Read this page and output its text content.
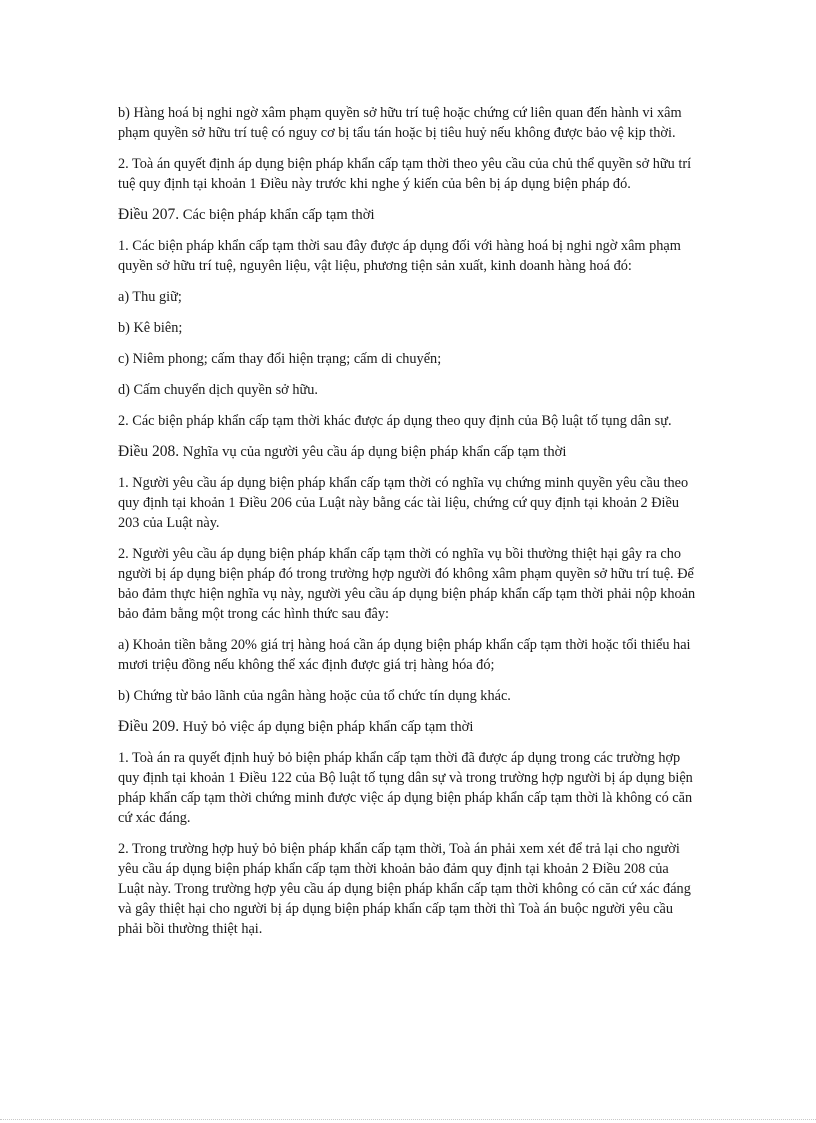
b) Hàng hoá bị nghi ngờ xâm phạm quyền sở hữu trí tuệ hoặc chứng cứ liên quan đến hành vi xâm phạm quyền sở hữu trí tuệ có nguy cơ bị tẩu tán hoặc bị tiêu huỷ nếu không được bảo vệ kịp thời.

2. Toà án quyết định áp dụng biện pháp khẩn cấp tạm thời theo yêu cầu của chủ thể quyền sở hữu trí tuệ quy định tại khoản 1 Điều này trước khi nghe ý kiến của bên bị áp dụng biện pháp đó.

Điều 207. Các biện pháp khẩn cấp tạm thời

1. Các biện pháp khẩn cấp tạm thời sau đây được áp dụng đối với hàng hoá bị nghi ngờ xâm phạm quyền sở hữu trí tuệ, nguyên liệu, vật liệu, phương tiện sản xuất, kinh doanh hàng hoá đó:

a) Thu giữ;

b) Kê biên;

c) Niêm phong; cấm thay đổi hiện trạng; cấm di chuyển;

d) Cấm chuyển dịch quyền sở hữu.

2. Các biện pháp khẩn cấp tạm thời khác được áp dụng theo quy định của Bộ luật tố tụng dân sự.

Điều 208. Nghĩa vụ của người yêu cầu áp dụng biện pháp khẩn cấp tạm thời

1. Người yêu cầu áp dụng biện pháp khẩn cấp tạm thời có nghĩa vụ chứng minh quyền yêu cầu theo quy định tại khoản 1 Điều 206 của Luật này bằng các tài liệu, chứng cứ quy định tại khoản 2 Điều 203 của Luật này.

2. Người yêu cầu áp dụng biện pháp khẩn cấp tạm thời có nghĩa vụ bồi thường thiệt hại gây ra cho người bị áp dụng biện pháp đó trong trường hợp người đó không xâm phạm quyền sở hữu trí tuệ. Để bảo đảm thực hiện nghĩa vụ này, người yêu cầu áp dụng biện pháp khẩn cấp tạm thời phải nộp khoản bảo đảm bằng một trong các hình thức sau đây:

a) Khoản tiền bằng 20% giá trị hàng hoá cần áp dụng biện pháp khẩn cấp tạm thời hoặc tối thiểu hai mươi triệu đồng nếu không thể xác định được giá trị hàng hóa đó;

b) Chứng từ bảo lãnh của ngân hàng hoặc của tổ chức tín dụng khác.

Điều 209. Huỷ bỏ việc áp dụng biện pháp khẩn cấp tạm thời

1. Toà án ra quyết định huỷ bỏ biện pháp khẩn cấp tạm thời đã được áp dụng trong các trường hợp quy định tại khoản 1 Điều 122 của Bộ luật tố tụng dân sự và trong trường hợp người bị áp dụng biện pháp khẩn cấp tạm thời chứng minh được việc áp dụng biện pháp khẩn cấp tạm thời là không có căn cứ xác đáng.

2. Trong trường hợp huỷ bỏ biện pháp khẩn cấp tạm thời, Toà án phải xem xét để trả lại cho người yêu cầu áp dụng biện pháp khẩn cấp tạm thời khoản bảo đảm quy định tại khoản 2 Điều 208 của Luật này. Trong trường hợp yêu cầu áp dụng biện pháp khẩn cấp tạm thời không có căn cứ xác đáng và gây thiệt hại cho người bị áp dụng biện pháp khẩn cấp tạm thời thì Toà án buộc người yêu cầu phải bồi thường thiệt hại.
